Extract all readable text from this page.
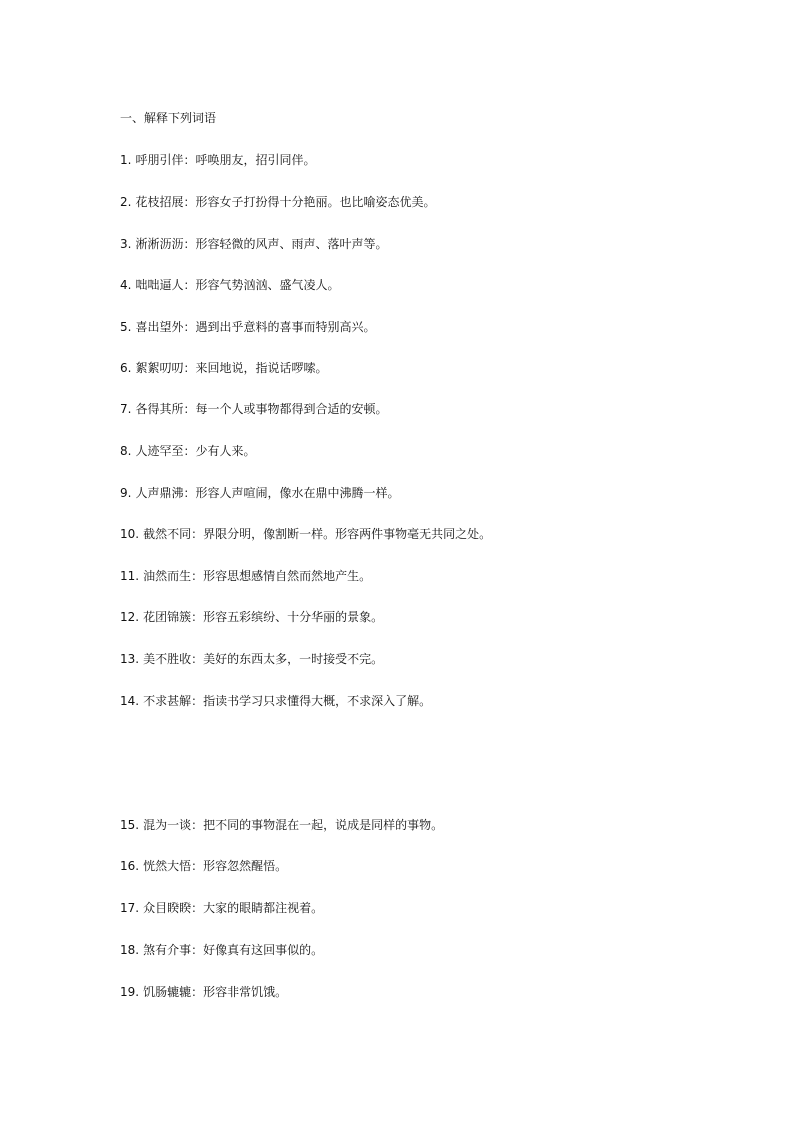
一、解释下列词语
1. 呼朋引伴：呼唤朋友，招引同伴。
2. 花枝招展：形容女子打扮得十分艳丽。也比喻姿态优美。
3. 淅淅沥沥：形容轻微的风声、雨声、落叶声等。
4. 咄咄逼人：形容气势汹汹、盛气凌人。
5. 喜出望外：遇到出乎意料的喜事而特别高兴。
6. 絮絮叨叨：来回地说，指说话啰嗦。
7. 各得其所：每一个人或事物都得到合适的安顿。
8. 人迹罕至：少有人来。
9. 人声鼎沸：形容人声喧闹，像水在鼎中沸腾一样。
10. 截然不同：界限分明，像割断一样。形容两件事物毫无共同之处。
11. 油然而生：形容思想感情自然而然地产生。
12. 花团锦簇：形容五彩缤纷、十分华丽的景象。
13. 美不胜收：美好的东西太多，一时接受不完。
14. 不求甚解：指读书学习只求懂得大概，不求深入了解。
15. 混为一谈：把不同的事物混在一起，说成是同样的事物。
16. 恍然大悟：形容忽然醒悟。
17. 众目睽睽：大家的眼睛都注视着。
18. 煞有介事：好像真有这回事似的。
19. 饥肠辘辘：形容非常饥饿。
